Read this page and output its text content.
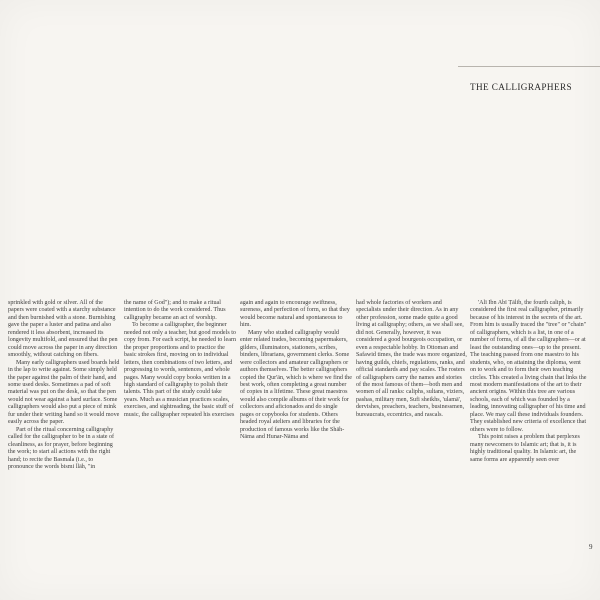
THE CALLIGRAPHERS

sprinkled with gold or silver. All of the papers were coated with a starchy substance and then burnished with a stone. Burnishing gave the paper a luster and patina and also rendered it less absorbent, increased its longevity multifold, and ensured that the pen could move across the paper in any direction smoothly, without catching on fibers.

Many early calligraphers used boards held in the lap to write against. Some simply held the paper against the palm of their hand, and some used desks. Sometimes a pad of soft material was put on the desk, so that the pen would not wear against a hard surface. Some calligraphers would also put a piece of mink fur under their writing hand so it would move easily across the paper.

Part of the ritual concerning calligraphy called for the calligrapher to be in a state of cleanliness, as for prayer, before beginning the work; to start all actions with the right hand; to recite the Basmala (i.e., to pronounce the words bismi llāh, "in

the name of God"); and to make a ritual intention to do the work considered. Thus calligraphy became an act of worship.

To become a calligrapher, the beginner needed not only a teacher, but good models to copy from. For each script, he needed to learn the proper proportions and to practice the basic strokes first, moving on to individual letters, then combinations of two letters, and progressing to words, sentences, and whole pages. Many would copy books written in a high standard of calligraphy to polish their talents. This part of the study could take years. Much as a musician practices scales, exercises, and sightreading, the basic stuff of music, the calligrapher repeated his exercises

again and again to encourage swiftness, sureness, and perfection of form, so that they would become natural and spontaneous to him.

Many who studied calligraphy would enter related trades, becoming papermakers, gilders, illuminators, stationers, scribes, binders, librarians, government clerks. Some were collectors and amateur calligraphers or authors themselves. The better calligraphers copied the Qur'ān, which is where we find the best work, often completing a great number of copies in a lifetime. These great maestros would also compile albums of their work for collectors and aficionados and do single pages or copybooks for students. Others headed royal ateliers and libraries for the production of famous works like the Shāh-Nāma and Hunar-Nāma and

had whole factories of workers and specialists under their direction. As in any other profession, some made quite a good living at calligraphy; others, as we shall see, did not. Generally, however, it was considered a good bourgeois occupation, or even a respectable hobby. In Ottoman and Safawid times, the trade was more organized, having guilds, chiefs, regulations, ranks, and official standards and pay scales. The rosters of calligraphers carry the names and stories of the most famous of them—both men and women of all ranks: caliphs, sultans, viziers, pashas, military men, Sufi sheikhs, 'ulamā', dervishes, preachers, teachers, businessmen, bureaucrats, eccentrics, and rascals.

'Alī Ibn Abī Ṭālib, the fourth caliph, is considered the first real calligrapher, primarily because of his interest in the secrets of the art. From him is usually traced the "tree" or "chain" of calligraphers, which is a list, in one of a number of forms, of all the calligraphers—or at least the outstanding ones—up to the present. The teaching passed from one maestro to his students, who, on attaining the diploma, went on to work and to form their own teaching circles. This created a living chain that links the most modern manifestations of the art to their ancient origins. Within this tree are various schools, each of which was founded by a leading, innovating calligrapher of his time and place. We may call these individuals founders. They established new criteria of excellence that others were to follow.

This point raises a problem that perplexes many newcomers to Islamic art; that is, it is highly traditional quality. In Islamic art, the same forms are apparently seen over

9
